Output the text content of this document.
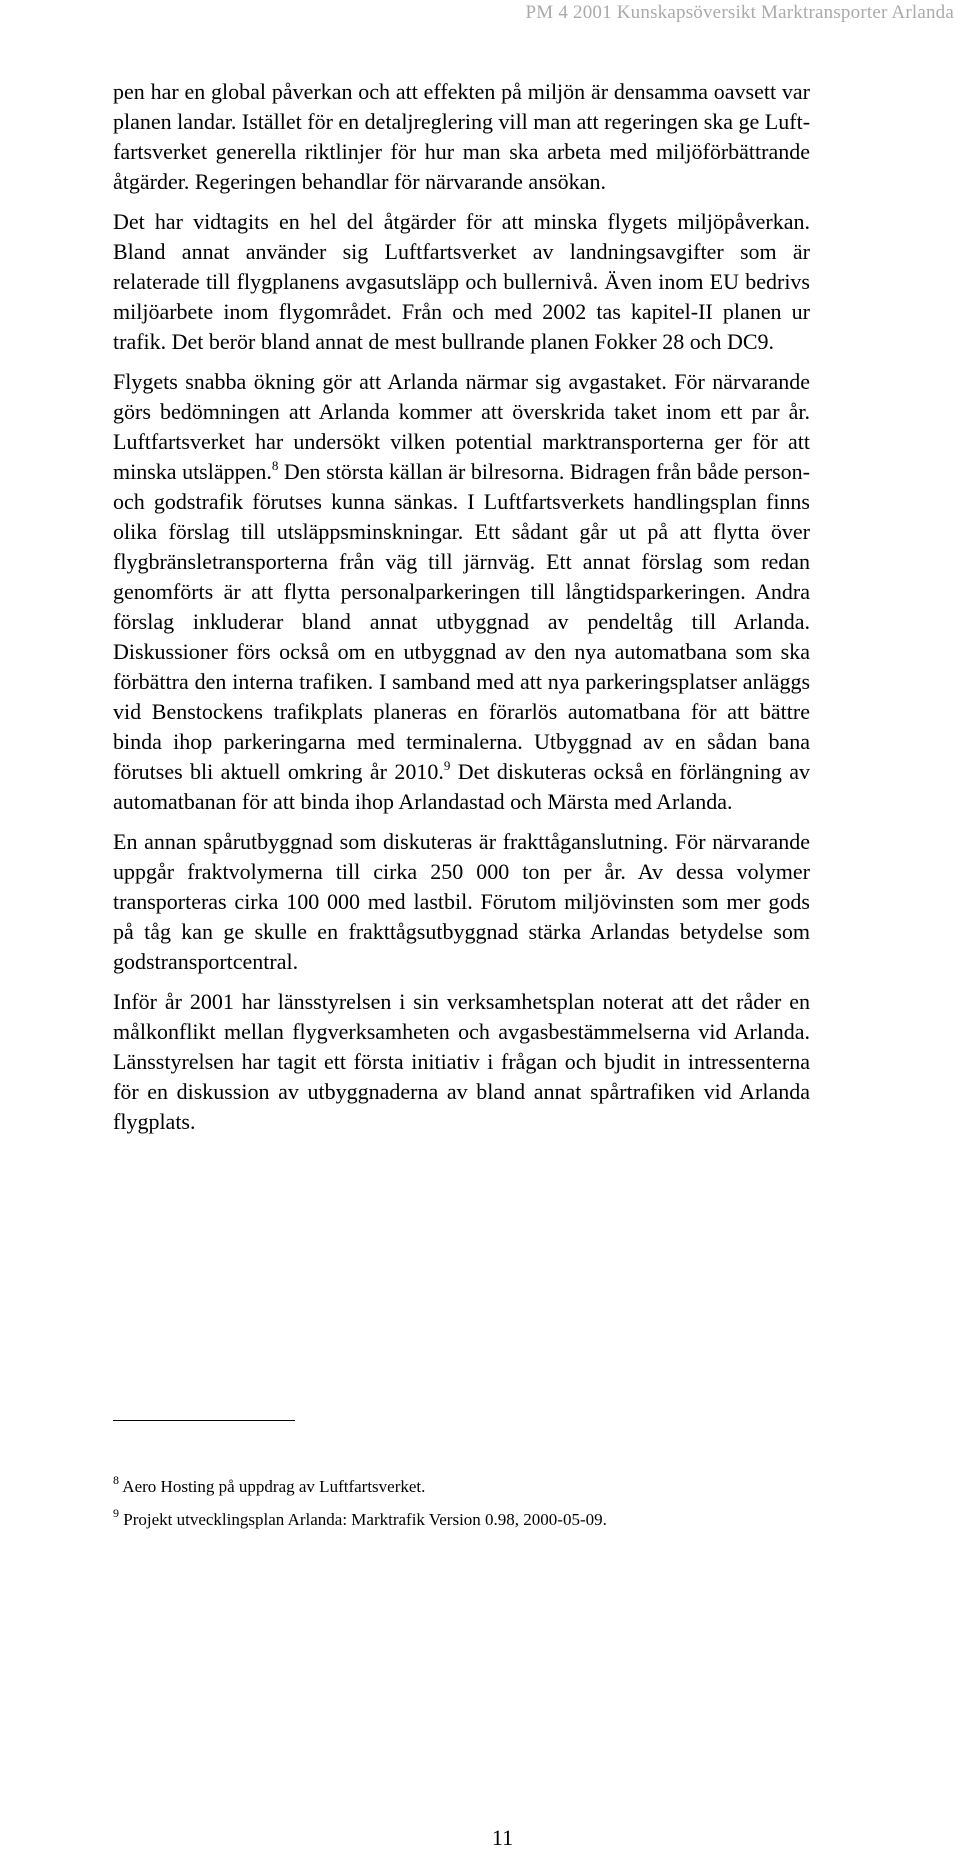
PM 4 2001 Kunskapsöversikt Marktransporter Arlanda

pen har en global påverkan och att effekten på miljön är densamma oavsett var planen landar. Istället för en detaljreglering vill man att regeringen ska ge Luftfartsverket generella riktlinjer för hur man ska arbeta med miljöförbättrande åtgärder. Regeringen behandlar för närvarande ansökan.

Det har vidtagits en hel del åtgärder för att minska flygets miljöpåverkan. Bland annat använder sig Luftfartsverket av landningsavgifter som är relaterade till flygplanens avgasutsläpp och bullernivå. Även inom EU bedrivs miljöarbete inom flygområdet. Från och med 2002 tas kapitel-II planen ur trafik. Det berör bland annat de mest bullrande planen Fokker 28 och DC9.

Flygets snabba ökning gör att Arlanda närmar sig avgastaket. För närvarande görs bedömningen att Arlanda kommer att överskrida taket inom ett par år. Luftfartsverket har undersökt vilken potential marktransporterna ger för att minska utsläppen.$^8$ Den största källan är bilresorna. Bidragen från både person- och godstrafik förutses kunna sänkas. I Luftfartsverkets handlingsplan finns olika förslag till utsläppsminskningar. Ett sådant går ut på att flytta över flygbränsletransporterna från väg till järnväg. Ett annat förslag som redan genomförts är att flytta personalparkeringen till långtidsparkeringen. Andra förslag inkluderar bland annat utbyggnad av pendeltåg till Arlanda. Diskussioner förs också om en utbyggnad av den nya automatbana som ska förbättra den interna trafiken. I samband med att nya parkeringsplatser anläggs vid Benstockens trafikplats planeras en förarlös automatbana för att bättre binda ihop parkeringarna med terminalerna. Utbyggnad av en sådan bana förutses bli aktuell omkring år 2010.$^9$ Det diskuteras också en förlängning av automatbanan för att binda ihop Arlandastad och Märsta med Arlanda.

En annan spårutbyggnad som diskuteras är frakttåganslutning. För närvarande uppgår fraktvolymerna till cirka 250 000 ton per år. Av dessa volymer transporteras cirka 100 000 med lastbil. Förutom miljövinsten som mer gods på tåg kan ge skulle en frakttågsutbyggnad stärka Arlandas betydelse som godstransportcentral.

Inför år 2001 har länsstyrelsen i sin verksamhetsplan noterat att det råder en målkonflikt mellan flygverksamheten och avgasbestämmelserna vid Arlanda. Länsstyrelsen har tagit ett första initiativ i frågan och bjudit in intressenterna för en diskussion av utbyggnaderna av bland annat spårtrafiken vid Arlanda flygplats.

$^8$ Aero Hosting på uppdrag av Luftfartsverket.
$^9$ Projekt utvecklingsplan Arlanda: Marktrafik Version 0.98, 2000-05-09.
11
